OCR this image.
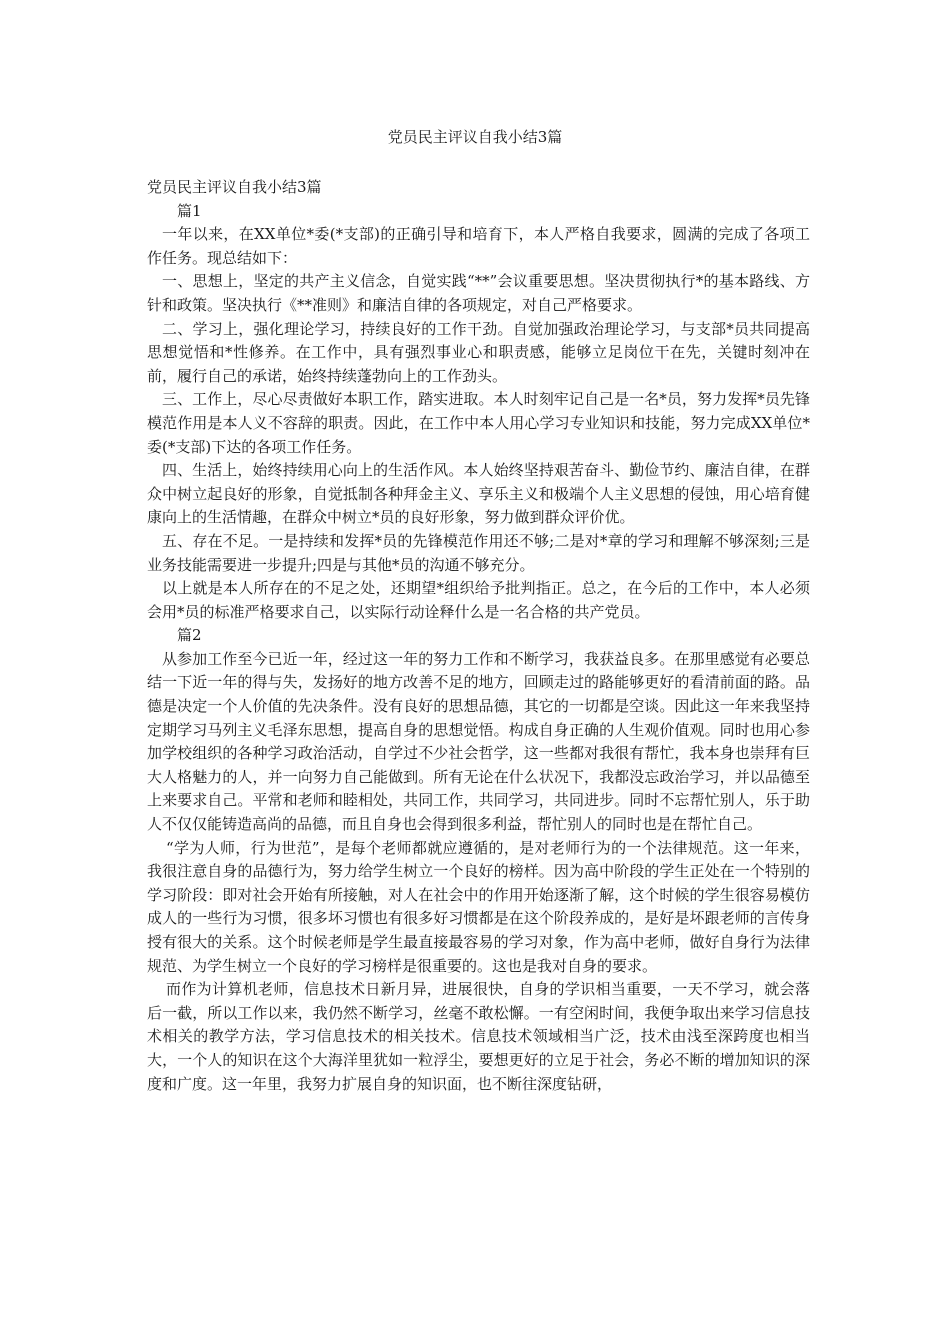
党员民主评议自我小结3篇
党员民主评议自我小结3篇

篇1

一年以来，在XX单位*委(*支部)的正确引导和培育下，本人严格自我要求，圆满的完成了各项工作任务。现总结如下：

一、思想上，坚定的共产主义信念，自觉实践“**”会议重要思想。坚决贯彻执行*的基本路线、方针和政策。坚决执行《**准则》和廉洁自律的各项规定，对自己严格要求。

二、学习上，强化理论学习，持续良好的工作干劲。自觉加强政治理论学习，与支部*员共同提高思想觉悟和*性修养。在工作中，具有强烈事业心和职责感，能够立足岗位干在先，关键时刻冲在前，履行自己的承诺，始终持续蓬勃向上的工作劲头。

三、工作上，尽心尽责做好本职工作，踏实进取。本人时刻牢记自己是一名*员，努力发挥*员先锋模范作用是本人义不容辞的职责。因此，在工作中本人用心学习专业知识和技能，努力完成XX单位*委(*支部)下达的各项工作任务。

四、生活上，始终持续用心向上的生活作风。本人始终坚持艰苦奋斗、勤俭节约、廉洁自律，在群众中树立起良好的形象，自觉抵制各种拜金主义、享乐主义和极端个人主义思想的侵蚀，用心培育健康向上的生活情趣，在群众中树立*员的良好形象，努力做到群众评价优。

五、存在不足。一是持续和发挥*员的先锋模范作用还不够;二是对*章的学习和理解不够深刻;三是业务技能需要进一步提升;四是与其他*员的沟通不够充分。

以上就是本人所存在的不足之处，还期望*组织给予批判指正。总之，在今后的工作中，本人必须会用*员的标准严格要求自己，以实际行动诠释什么是一名合格的共产党员。

篇2

从参加工作至今已近一年，经过这一年的努力工作和不断学习，我获益良多。在那里感觉有必要总结一下近一年的得与失，发扬好的地方改善不足的地方，回顾走过的路能够更好的看清前面的路。品德是决定一个人价值的先决条件。没有良好的思想品德，其它的一切都是空谈。因此这一年来我坚持定期学习马列主义毛泽东思想，提高自身的思想觉悟。构成自身正确的人生观价值观。同时也用心参加学校组织的各种学习政治活动，自学过不少社会哲学，这一些都对我很有帮忙，我本身也崇拜有巨大人格魅力的人，并一向努力自己能做到。所有无论在什么状况下，我都没忘政治学习，并以品德至上来要求自己。平常和老师和睦相处，共同工作，共同学习，共同进步。同时不忘帮忙别人，乐于助人不仅仅能铸造高尚的品德，而且自身也会得到很多利益，帮忙别人的同时也是在帮忙自己。

“学为人师，行为世范”，是每个老师都就应遵循的，是对老师行为的一个法律规范。这一年来，我很注意自身的品德行为，努力给学生树立一个良好的榜样。因为高中阶段的学生正处在一个特别的学习阶段：即对社会开始有所接触，对人在社会中的作用开始逐渐了解，这个时候的学生很容易模仿成人的一些行为习惯，很多坏习惯也有很多好习惯都是在这个阶段养成的，是好是坏跟老师的言传身授有很大的关系。这个时候老师是学生最直接最容易的学习对象，作为高中老师，做好自身行为法律规范、为学生树立一个良好的学习榜样是很重要的。这也是我对自身的要求。

而作为计算机老师，信息技术日新月异，进展很快，自身的学识相当重要，一天不学习，就会落后一截，所以工作以来，我仍然不断学习，丝毫不敢松懈。一有空闲时间，我便争取出来学习信息技术相关的教学方法，学习信息技术的相关技术。信息技术领域相当广泛，技术由浅至深跨度也相当大，一个人的知识在这个大海洋里犹如一粒浮尘，要想更好的立足于社会，务必不断的增加知识的深度和广度。这一年里，我努力扩展自身的知识面，也不断往深度钻研，
